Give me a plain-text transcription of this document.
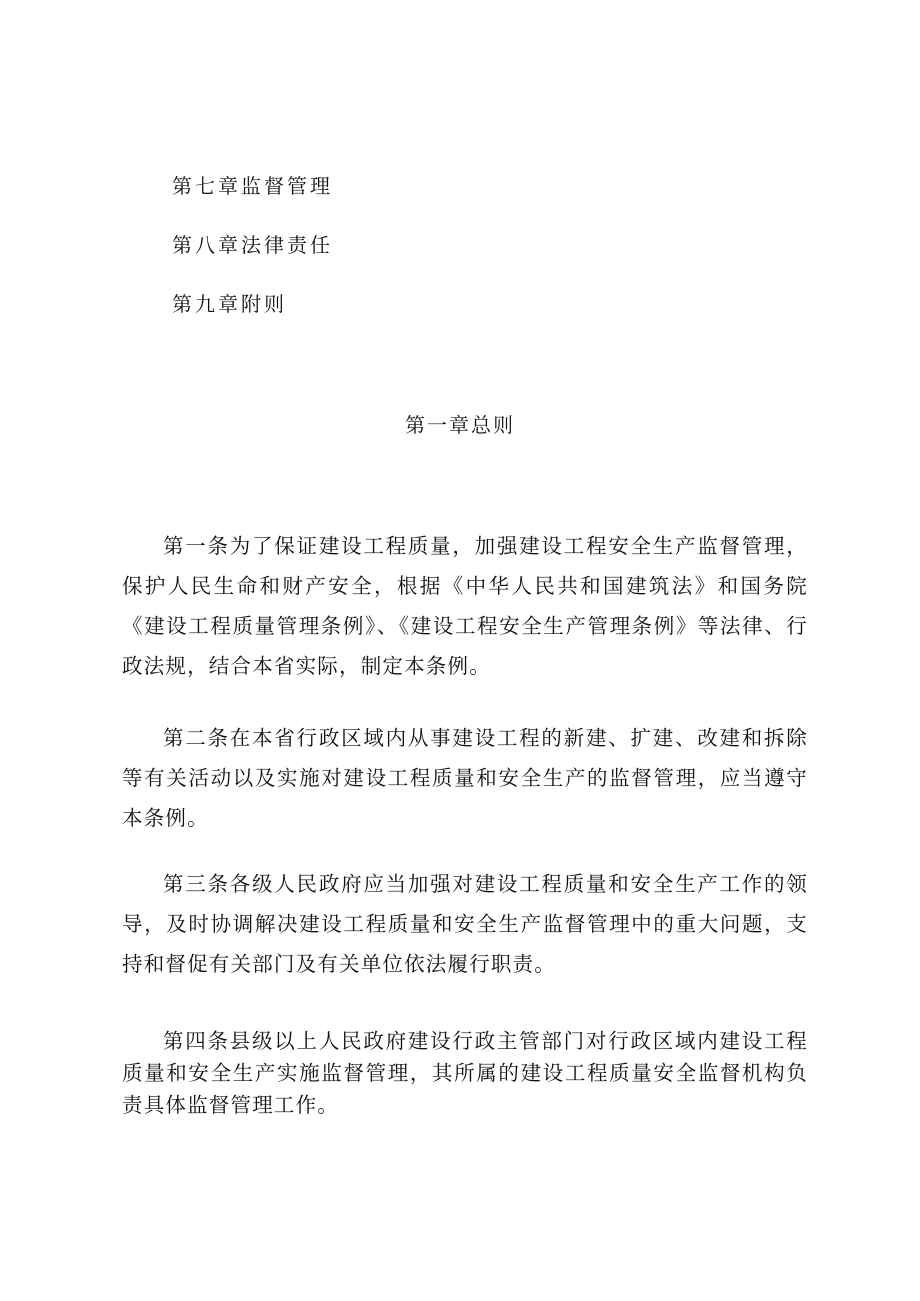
第七章监督管理
第八章法律责任
第九章附则
第一章总则

第一条为了保证建设工程质量，加强建设工程安全生产监督管理，保护人民生命和财产安全，根据《中华人民共和国建筑法》和国务院《建设工程质量管理条例》、《建设工程安全生产管理条例》等法律、行政法规，结合本省实际，制定本条例。

第二条在本省行政区域内从事建设工程的新建、扩建、改建和拆除等有关活动以及实施对建设工程质量和安全生产的监督管理，应当遵守本条例。

第三条各级人民政府应当加强对建设工程质量和安全生产工作的领导，及时协调解决建设工程质量和安全生产监督管理中的重大问题，支持和督促有关部门及有关单位依法履行职责。

第四条县级以上人民政府建设行政主管部门对行政区域内建设工程质量和安全生产实施监督管理，其所属的建设工程质量安全监督机构负责具体监督管理工作。
